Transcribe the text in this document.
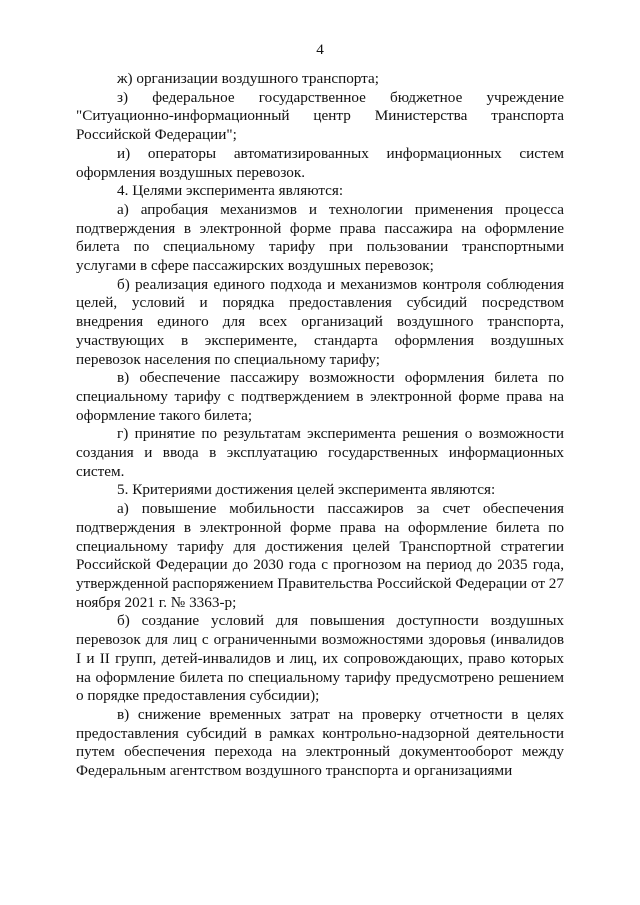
4

ж) организации воздушного транспорта;

з) федеральное государственное бюджетное учреждение "Ситуационно-информационный центр Министерства транспорта Российской Федерации";

и) операторы автоматизированных информационных систем оформления воздушных перевозок.

4. Целями эксперимента являются:

а) апробация механизмов и технологии применения процесса подтверждения в электронной форме права пассажира на оформление билета по специальному тарифу при пользовании транспортными услугами в сфере пассажирских воздушных перевозок;

б) реализация единого подхода и механизмов контроля соблюдения целей, условий и порядка предоставления субсидий посредством внедрения единого для всех организаций воздушного транспорта, участвующих в эксперименте, стандарта оформления воздушных перевозок населения по специальному тарифу;

в) обеспечение пассажиру возможности оформления билета по специальному тарифу с подтверждением в электронной форме права на оформление такого билета;

г) принятие по результатам эксперимента решения о возможности создания и ввода в эксплуатацию государственных информационных систем.

5. Критериями достижения целей эксперимента являются:

а) повышение мобильности пассажиров за счет обеспечения подтверждения в электронной форме права на оформление билета по специальному тарифу для достижения целей Транспортной стратегии Российской Федерации до 2030 года с прогнозом на период до 2035 года, утвержденной распоряжением Правительства Российской Федерации от 27 ноября 2021 г. № 3363-р;

б) создание условий для повышения доступности воздушных перевозок для лиц с ограниченными возможностями здоровья (инвалидов I и II групп, детей-инвалидов и лиц, их сопровождающих, право которых на оформление билета по специальному тарифу предусмотрено решением о порядке предоставления субсидии);

в) снижение временных затрат на проверку отчетности в целях предоставления субсидий в рамках контрольно-надзорной деятельности путем обеспечения перехода на электронный документооборот между Федеральным агентством воздушного транспорта и организациями
